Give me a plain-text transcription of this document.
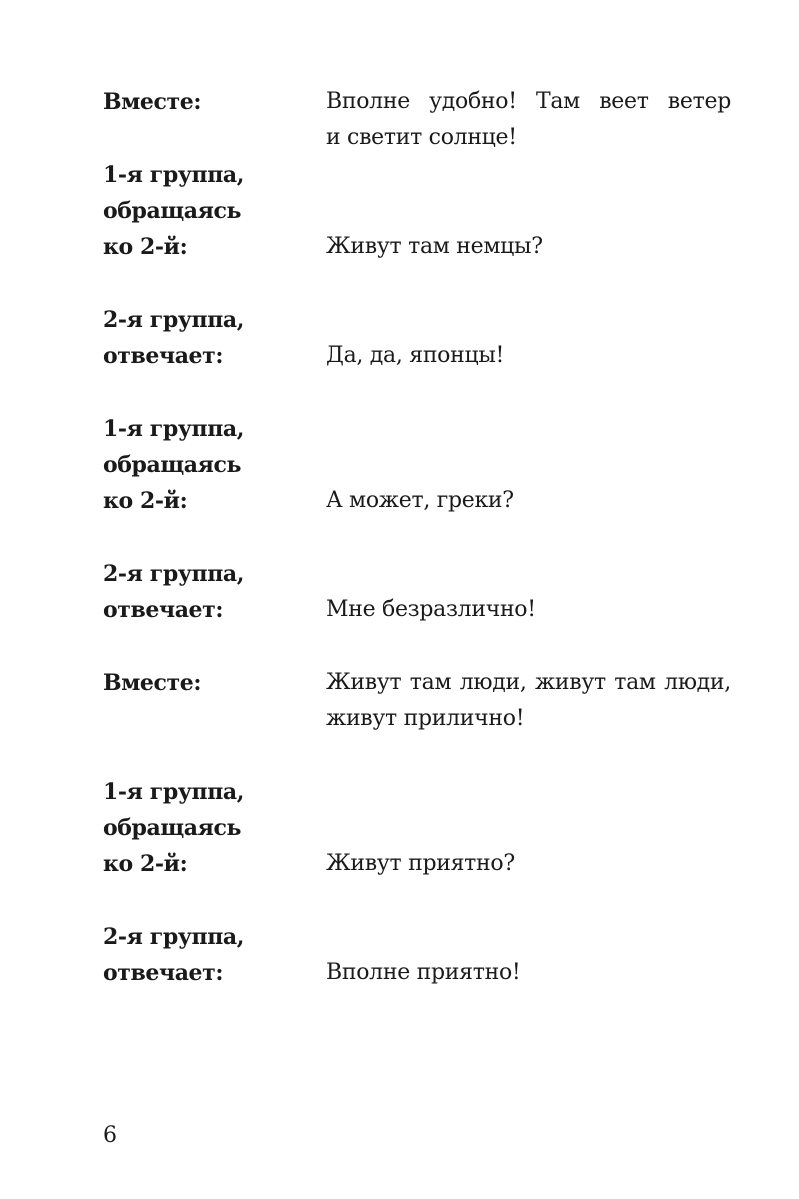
Вместе:	Вполне удобно! Там веет ветер
и светит солнце!
1-я группа,
обращаясь
ко 2-й:	Живут там немцы?
2-я группа,
отвечает:	Да, да, японцы!
1-я группа,
обращаясь
ко 2-й:	А может, греки?
2-я группа,
отвечает:	Мне безразлично!
Вместе:	Живут там люди, живут там люди,
живут прилично!
1-я группа,
обращаясь
ко 2-й:	Живут приятно?
2-я группа,
отвечает:	Вполне приятно!
6
